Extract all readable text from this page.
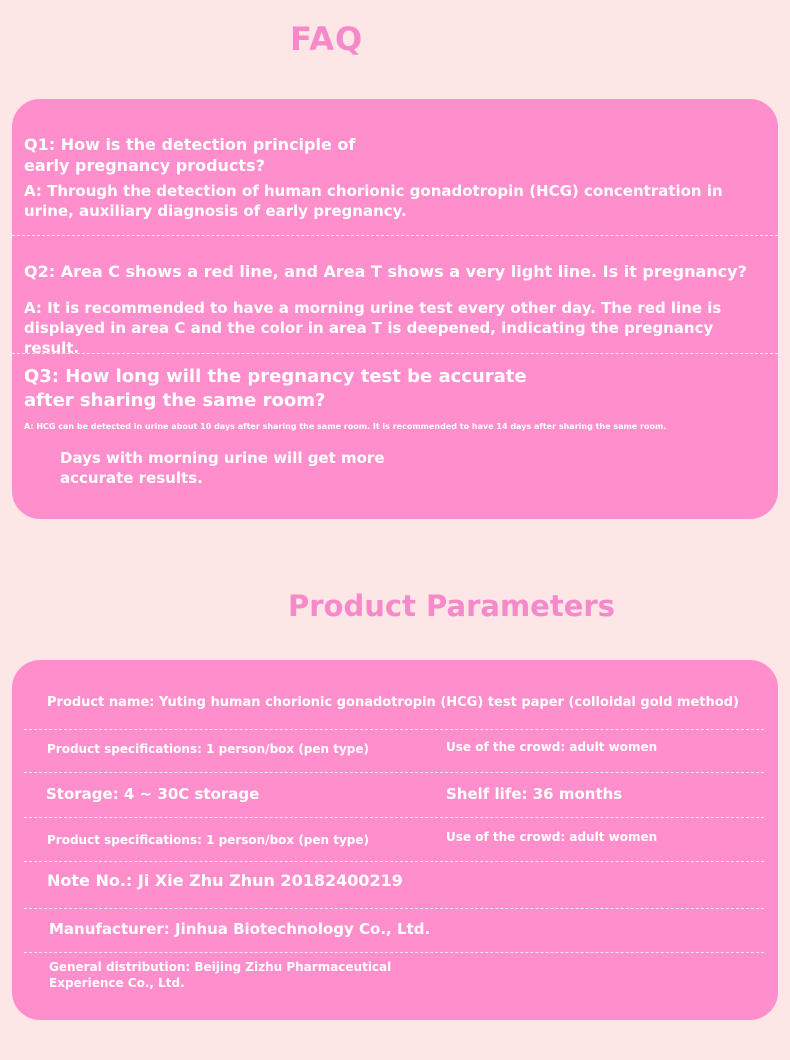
FAQ

Q1: How is the detection principle of early pregnancy products?

A: Through the detection of human chorionic gonadotropin (HCG) concentration in urine, auxiliary diagnosis of early pregnancy.

Q2: Area C shows a red line, and Area T shows a very light line. Is it pregnancy?

A: It is recommended to have a morning urine test every other day. The red line is displayed in area C and the color in area T is deepened, indicating the pregnancy result.

Q3: How long will the pregnancy test be accurate after sharing the same room?

A: HCG can be detected in urine about 10 days after sharing the same room. It is recommended to have 14 days after sharing the same room.

Days with morning urine will get more accurate results.

Product Parameters

Product name: Yuting human chorionic gonadotropin (HCG) test paper (colloidal gold method)

Product specifications: 1 person/box (pen type)	Use of the crowd: adult women

Storage: 4 ~ 30C storage	Shelf life: 36 months

Product specifications: 1 person/box (pen type)	Use of the crowd: adult women

Note No.: Ji Xie Zhu Zhun 20182400219

Manufacturer: Jinhua Biotechnology Co., Ltd.

General distribution: Beijing Zizhu Pharmaceutical Experience Co., Ltd.
